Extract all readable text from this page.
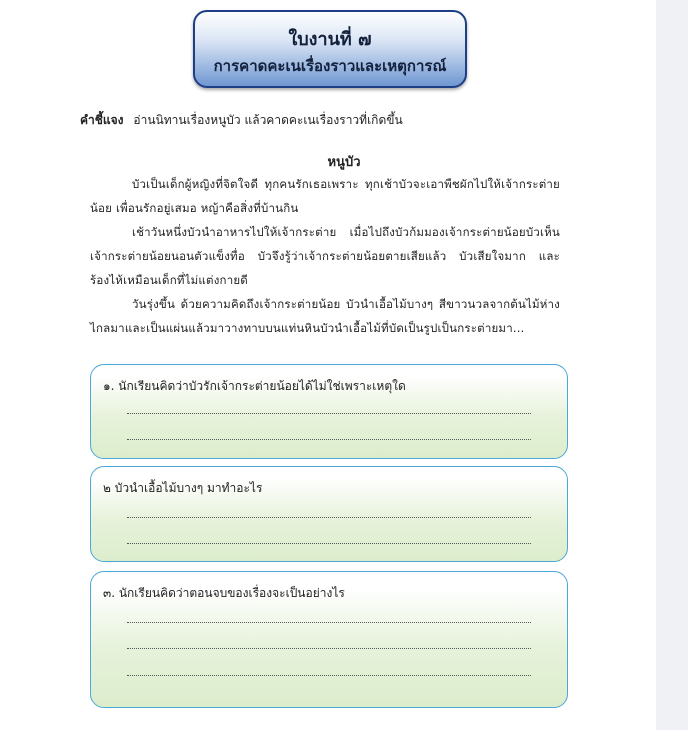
ใบงานที่ ๗
การคาดคะเนเรื่องราวและเหตุการณ์
คำชี้แจง อ่านนิทานเรื่องหนูบัว แล้วคาดคะเนเรื่องราวที่เกิดขึ้น
หนูบัว

บัวเป็นเด็กผู้หญิงที่จิตใจดี ทุกคนรักเธอเพราะ ทุกเช้าบัวจะเอาพืชผักไปให้เจ้ากระต่ายน้อย เพื่อนรักอยู่เสมอ หญ้าคือสิ่งที่บ้านกิน

เช้าวันหนึ่งบัวนำอาหารไปให้เจ้ากระต่าย เมื่อไปถึงบัวก้มมองเจ้ากระต่ายน้อยบัวเห็นเจ้ากระต่ายน้อยนอนตัวแข็งทื่อ บัวจึงรู้ว่าเจ้ากระต่ายน้อยตายเสียแล้ว บัวเสียใจมาก และร้องไห้เหมือนเด็กที่ไม่แต่งกายดี

วันรุ่งขึ้น ด้วยความคิดถึงเจ้ากระต่ายน้อย บัวนำเอื้อไม้บางๆ สีขาวนวลจากต้นไม้ห่างไกลมาและเป็นแผ่นแล้วมาวางทาบบนแท่นหินบัวนำเอื้อไม้ที่บัดเป็นรูปเป็นกระต่ายมา...

๑. นักเรียนคิดว่าบัวรักเจ้ากระต่ายน้อยได้ไม่ใช่เพราะเหตุใด
๒ บัวนำเอื้อไม้บางๆ มาทำอะไร
๓. นักเรียนคิดว่าตอนจบของเรื่องจะเป็นอย่างไร
